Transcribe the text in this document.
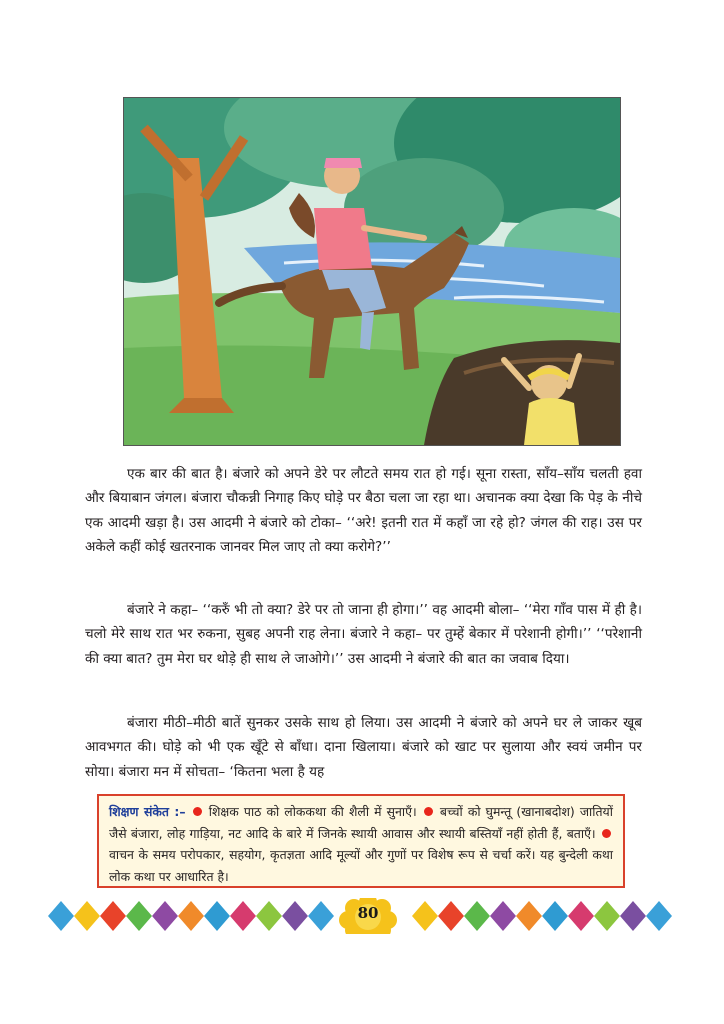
एक बार की बात है। बंजारे को अपने डेरे पर लौटते समय रात हो गई। सूना रास्ता, साँय–साँय चलती हवा और बियाबान जंगल। बंजारा चौकन्नी निगाह किए घोड़े पर बैठा चला जा रहा था। अचानक क्या देखा कि पेड़ के नीचे एक आदमी खड़ा है। उस आदमी ने बंजारे को टोका– ‘‘अरे! इतनी रात में कहाँ जा रहे हो? जंगल की राह। उस पर अकेले कहीं कोई खतरनाक जानवर मिल जाए तो क्या करोगे?’’

बंजारे ने कहा– ‘‘करुँ भी तो क्या? डेरे पर तो जाना ही होगा।’’ वह आदमी बोला– ‘‘मेरा गाँव पास में ही है। चलो मेरे साथ रात भर रुकना, सुबह अपनी राह लेना। बंजारे ने कहा– पर तुम्हें बेकार में परेशानी होगी।’’ ‘‘परेशानी की क्या बात? तुम मेरा घर थोड़े ही साथ ले जाओगे।’’ उस आदमी ने बंजारे की बात का जवाब दिया।

बंजारा मीठी–मीठी बातें सुनकर उसके साथ हो लिया। उस आदमी ने बंजारे को अपने घर ले जाकर खूब आवभगत की। घोड़े को भी एक खूँटे से बाँधा। दाना खिलाया। बंजारे को खाट पर सुलाया और स्वयं जमीन पर सोया। बंजारा मन में सोचता– ‘कितना भला है यह

शिक्षण संकेत :– शिक्षक पाठ को लोककथा की शैली में सुनाएँ। बच्चों को घुमन्तू (खानाबदोश) जातियों जैसे बंजारा, लोह गाड़िया, नट आदि के बारे में जिनके स्थायी आवास और स्थायी बस्तियाँ नहीं होती हैं, बताएँ।  वाचन के समय परोपकार, सहयोग, कृतज्ञता आदि मूल्यों और गुणों पर विशेष रूप से चर्चा करें। यह बुन्देली कथा लोक कथा पर आधारित है।
80
